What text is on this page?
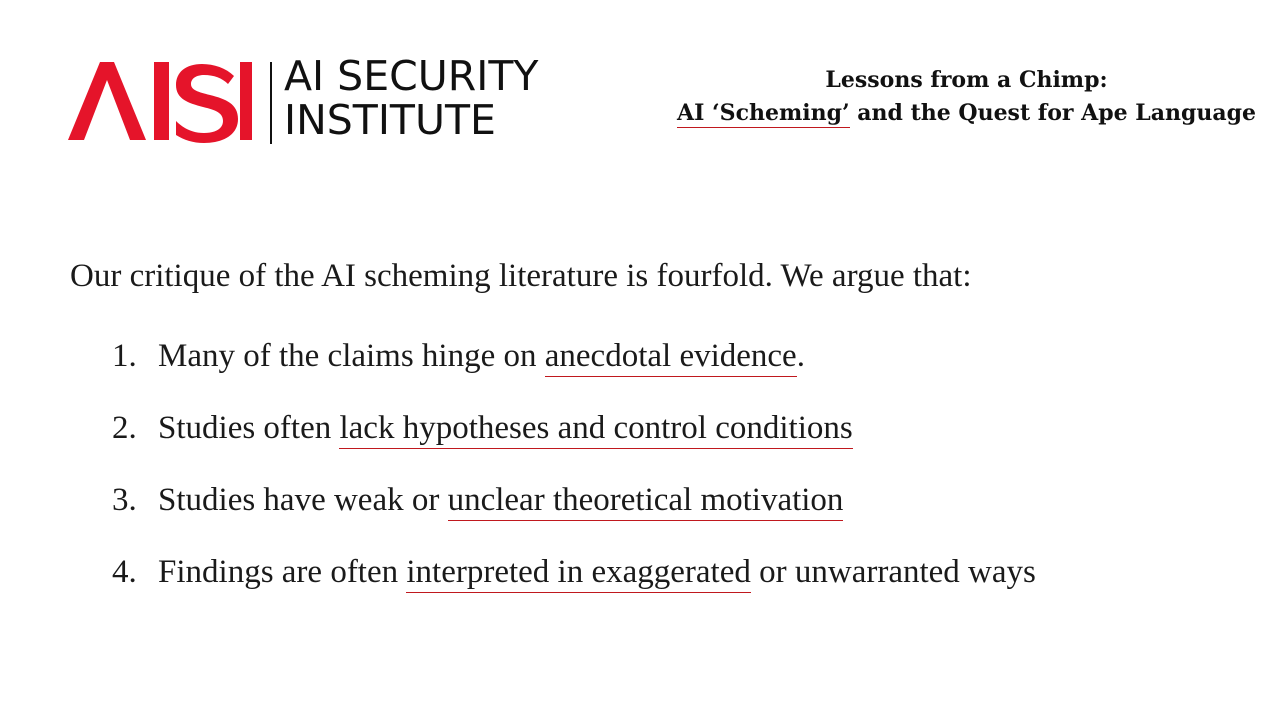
AI SECURITY
INSTITUTE
Lessons from a Chimp:
AI ‘Scheming’ and the Quest for Ape Language
Our critique of the AI scheming literature is fourfold. We argue that:
1. Many of the claims hinge on anecdotal evidence.
2. Studies often lack hypotheses and control conditions
3. Studies have weak or unclear theoretical motivation
4. Findings are often interpreted in exaggerated or unwarranted ways
